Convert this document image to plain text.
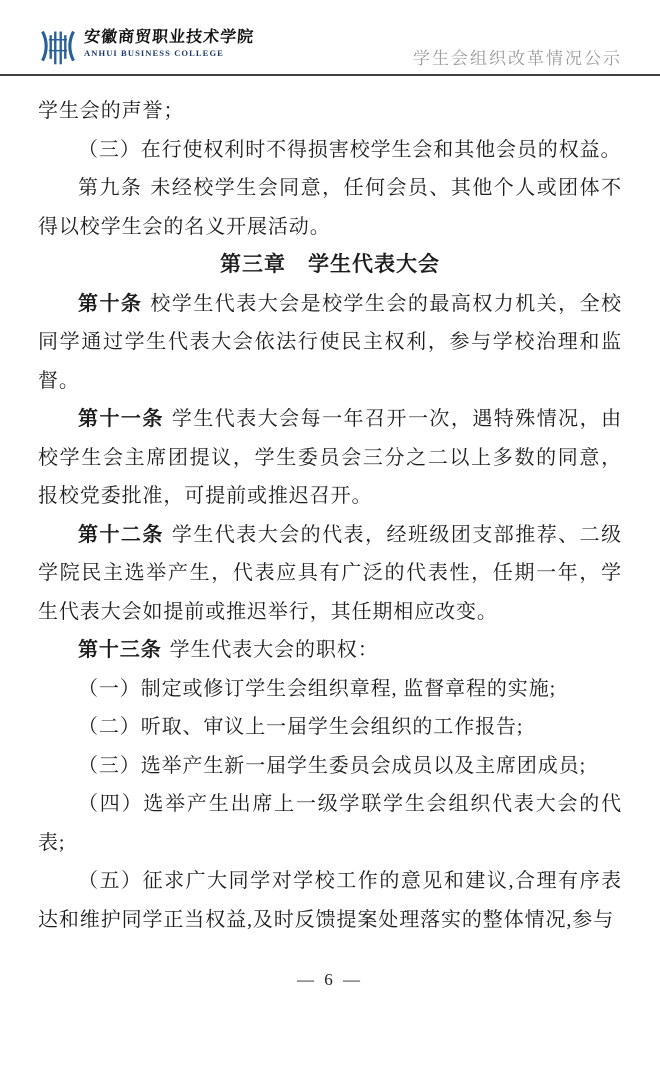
安徽商贸职业技术学院
ANHUI BUSINESS COLLEGE	学生会组织改革情况公示

学生会的声誉；

（三）在行使权利时不得损害校学生会和其他会员的权益。

第九条 未经校学生会同意，任何会员、其他个人或团体不得以校学生会的名义开展活动。

第三章　学生代表大会

第十条 校学生代表大会是校学生会的最高权力机关，全校同学通过学生代表大会依法行使民主权利，参与学校治理和监督。

第十一条 学生代表大会每一年召开一次，遇特殊情况，由校学生会主席团提议，学生委员会三分之二以上多数的同意，报校党委批准，可提前或推迟召开。

第十二条 学生代表大会的代表，经班级团支部推荐、二级学院民主选举产生，代表应具有广泛的代表性，任期一年，学生代表大会如提前或推迟举行，其任期相应改变。

第十三条 学生代表大会的职权：

（一）制定或修订学生会组织章程, 监督章程的实施;

（二）听取、审议上一届学生会组织的工作报告;

（三）选举产生新一届学生委员会成员以及主席团成员;

（四）选举产生出席上一级学联学生会组织代表大会的代表;

（五）征求广大同学对学校工作的意见和建议,合理有序表达和维护同学正当权益,及时反馈提案处理落实的整体情况,参与

— 6 —
